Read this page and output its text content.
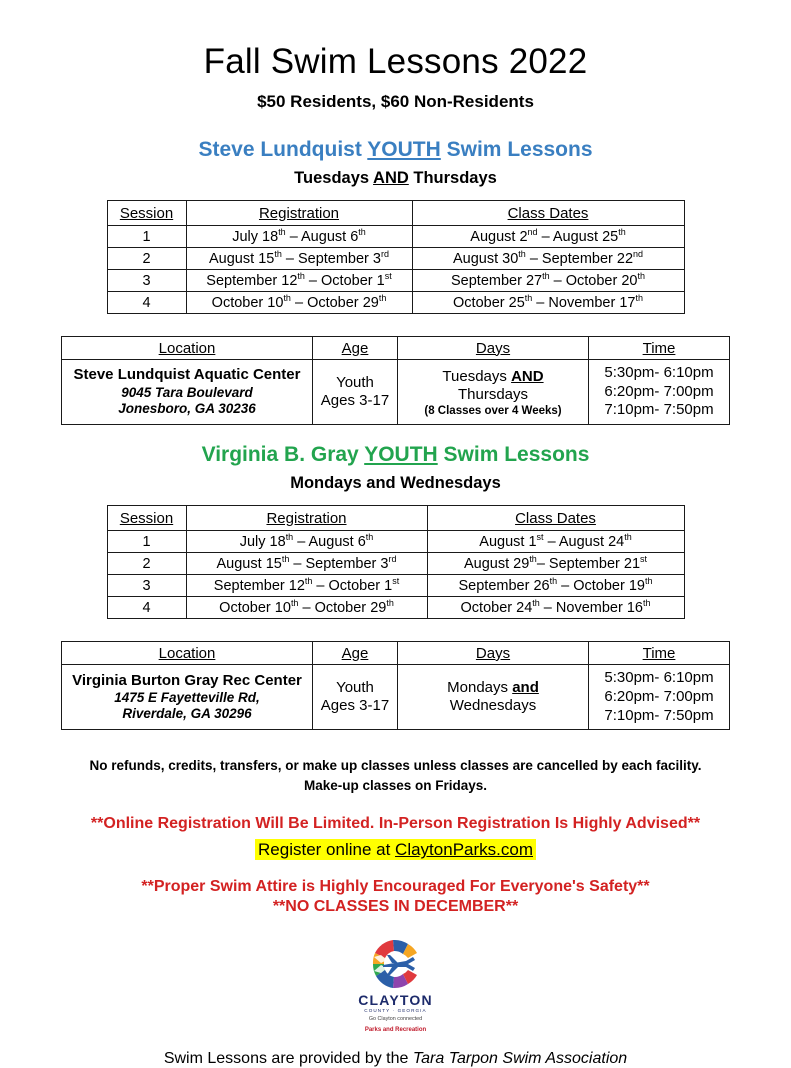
Fall Swim Lessons 2022
$50 Residents, $60 Non-Residents
Steve Lundquist YOUTH Swim Lessons
Tuesdays AND Thursdays
Session	Registration	Class Dates
1	July 18th – August 6th	August 2nd – August 25th
2	August 15th – September 3rd	August 30th – September 22nd
3	September 12th – October 1st	September 27th – October 20th
4	October 10th – October 29th	October 25th – November 17th
Location	Age	Days	Time

Steve Lundquist Aquatic Center
9045 Tara Boulevard
Jonesboro, GA 30236

Youth
Ages 3-17

Tuesdays AND
Thursdays
(8 Classes over 4 Weeks)

5:30pm- 6:10pm
6:20pm- 7:00pm
7:10pm- 7:50pm
Virginia B. Gray YOUTH Swim Lessons
Mondays and Wednesdays
Session	Registration	Class Dates
1	July 18th – August 6th	August 1st – August 24th
2	August 15th – September 3rd	August 29th– September 21st
3	September 12th – October 1st	September 26th – October 19th
4	October 10th – October 29th	October 24th – November 16th
Location	Age	Days	Time

Virginia Burton Gray Rec Center
1475 E Fayetteville Rd,
Riverdale, GA 30296

Youth
Ages 3-17

Mondays and
Wednesdays

5:30pm- 6:10pm
6:20pm- 7:00pm
7:10pm- 7:50pm
No refunds, credits, transfers, or make up classes unless classes are cancelled by each facility.
Make-up classes on Fridays.
**Online Registration Will Be Limited. In-Person Registration Is Highly Advised**
Register online at ClaytonParks.com
**Proper Swim Attire is Highly Encouraged For Everyone's Safety**
**NO CLASSES IN DECEMBER**
CLAYTON
COUNTY · GEORGIA
Go Clayton connected
Parks and Recreation
Swim Lessons are provided by the Tara Tarpon Swim Association
